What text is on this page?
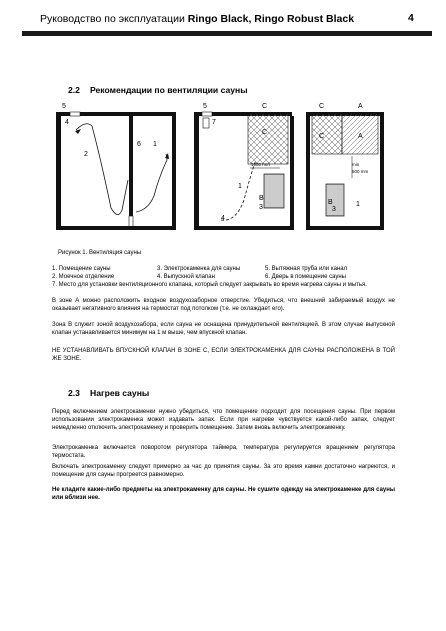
Руководство по эксплуатации Ringo Black, Ringo Robust Black	4
2.2 Рекомендации по вентиляции сауны
5
4
2
6 1
1000 mm
5
7
C
C
1
B
3
4
min
500 mm
C	A
C	A
B
3
1
Рисунок 1. Вентиляция сауны
1. Помещение сауны	3. Электрокаменка для сауны	5. Вытяжная труба или канал
2. Моечное отделение	4. Выпускной клапан	6. Дверь в помещение сауны
7. Место для установки вентиляционного клапана, который следует закрывать во время нагрева сауны и мытья.
В зоне А можно расположить входное воздухозаборное отверстие. Убедиться, что внешний забираемый воздух не оказывает негативного влияния на термостат под потолком (т.е. не охлаждает его).
Зона В служит зоной воздухозабора, если сауна не оснащена принудительной вентиляцией. В этом случае выпускной клапан устанавливается минимум на 1 м выше, чем впускной клапан.
НЕ УСТАНАВЛИВАТЬ ВПУСКНОЙ КЛАПАН В ЗОНЕ С, ЕСЛИ ЭЛЕКТРОКАМЕНКА ДЛЯ САУНЫ РАСПОЛОЖЕНА В ТОЙ ЖЕ ЗОНЕ.
2.3 Нагрев сауны
Перед включением электрокаменки нужно убедиться, что помещение подходит для посещения сауны. При первом использовании электрокаменка может издавать запах. Если при нагреве чувствуется какой-либо запах, следует немедленно отключить электрокаменку и проверить помещение. Затем вновь включить электрокаменку.
Электрокаменка включается поворотом регулятора таймера, температура регулируется вращением регулятора термостата.
Включать электрокаменку следует примерно за час до принятия сауны. За это время камни достаточно нагреются, и помещение для сауны прогреется равномерно.
Не кладите какие-либо предметы на электрокаменку для сауны. Не сушите одежду на электрокаменке для сауны или вблизи нее.
